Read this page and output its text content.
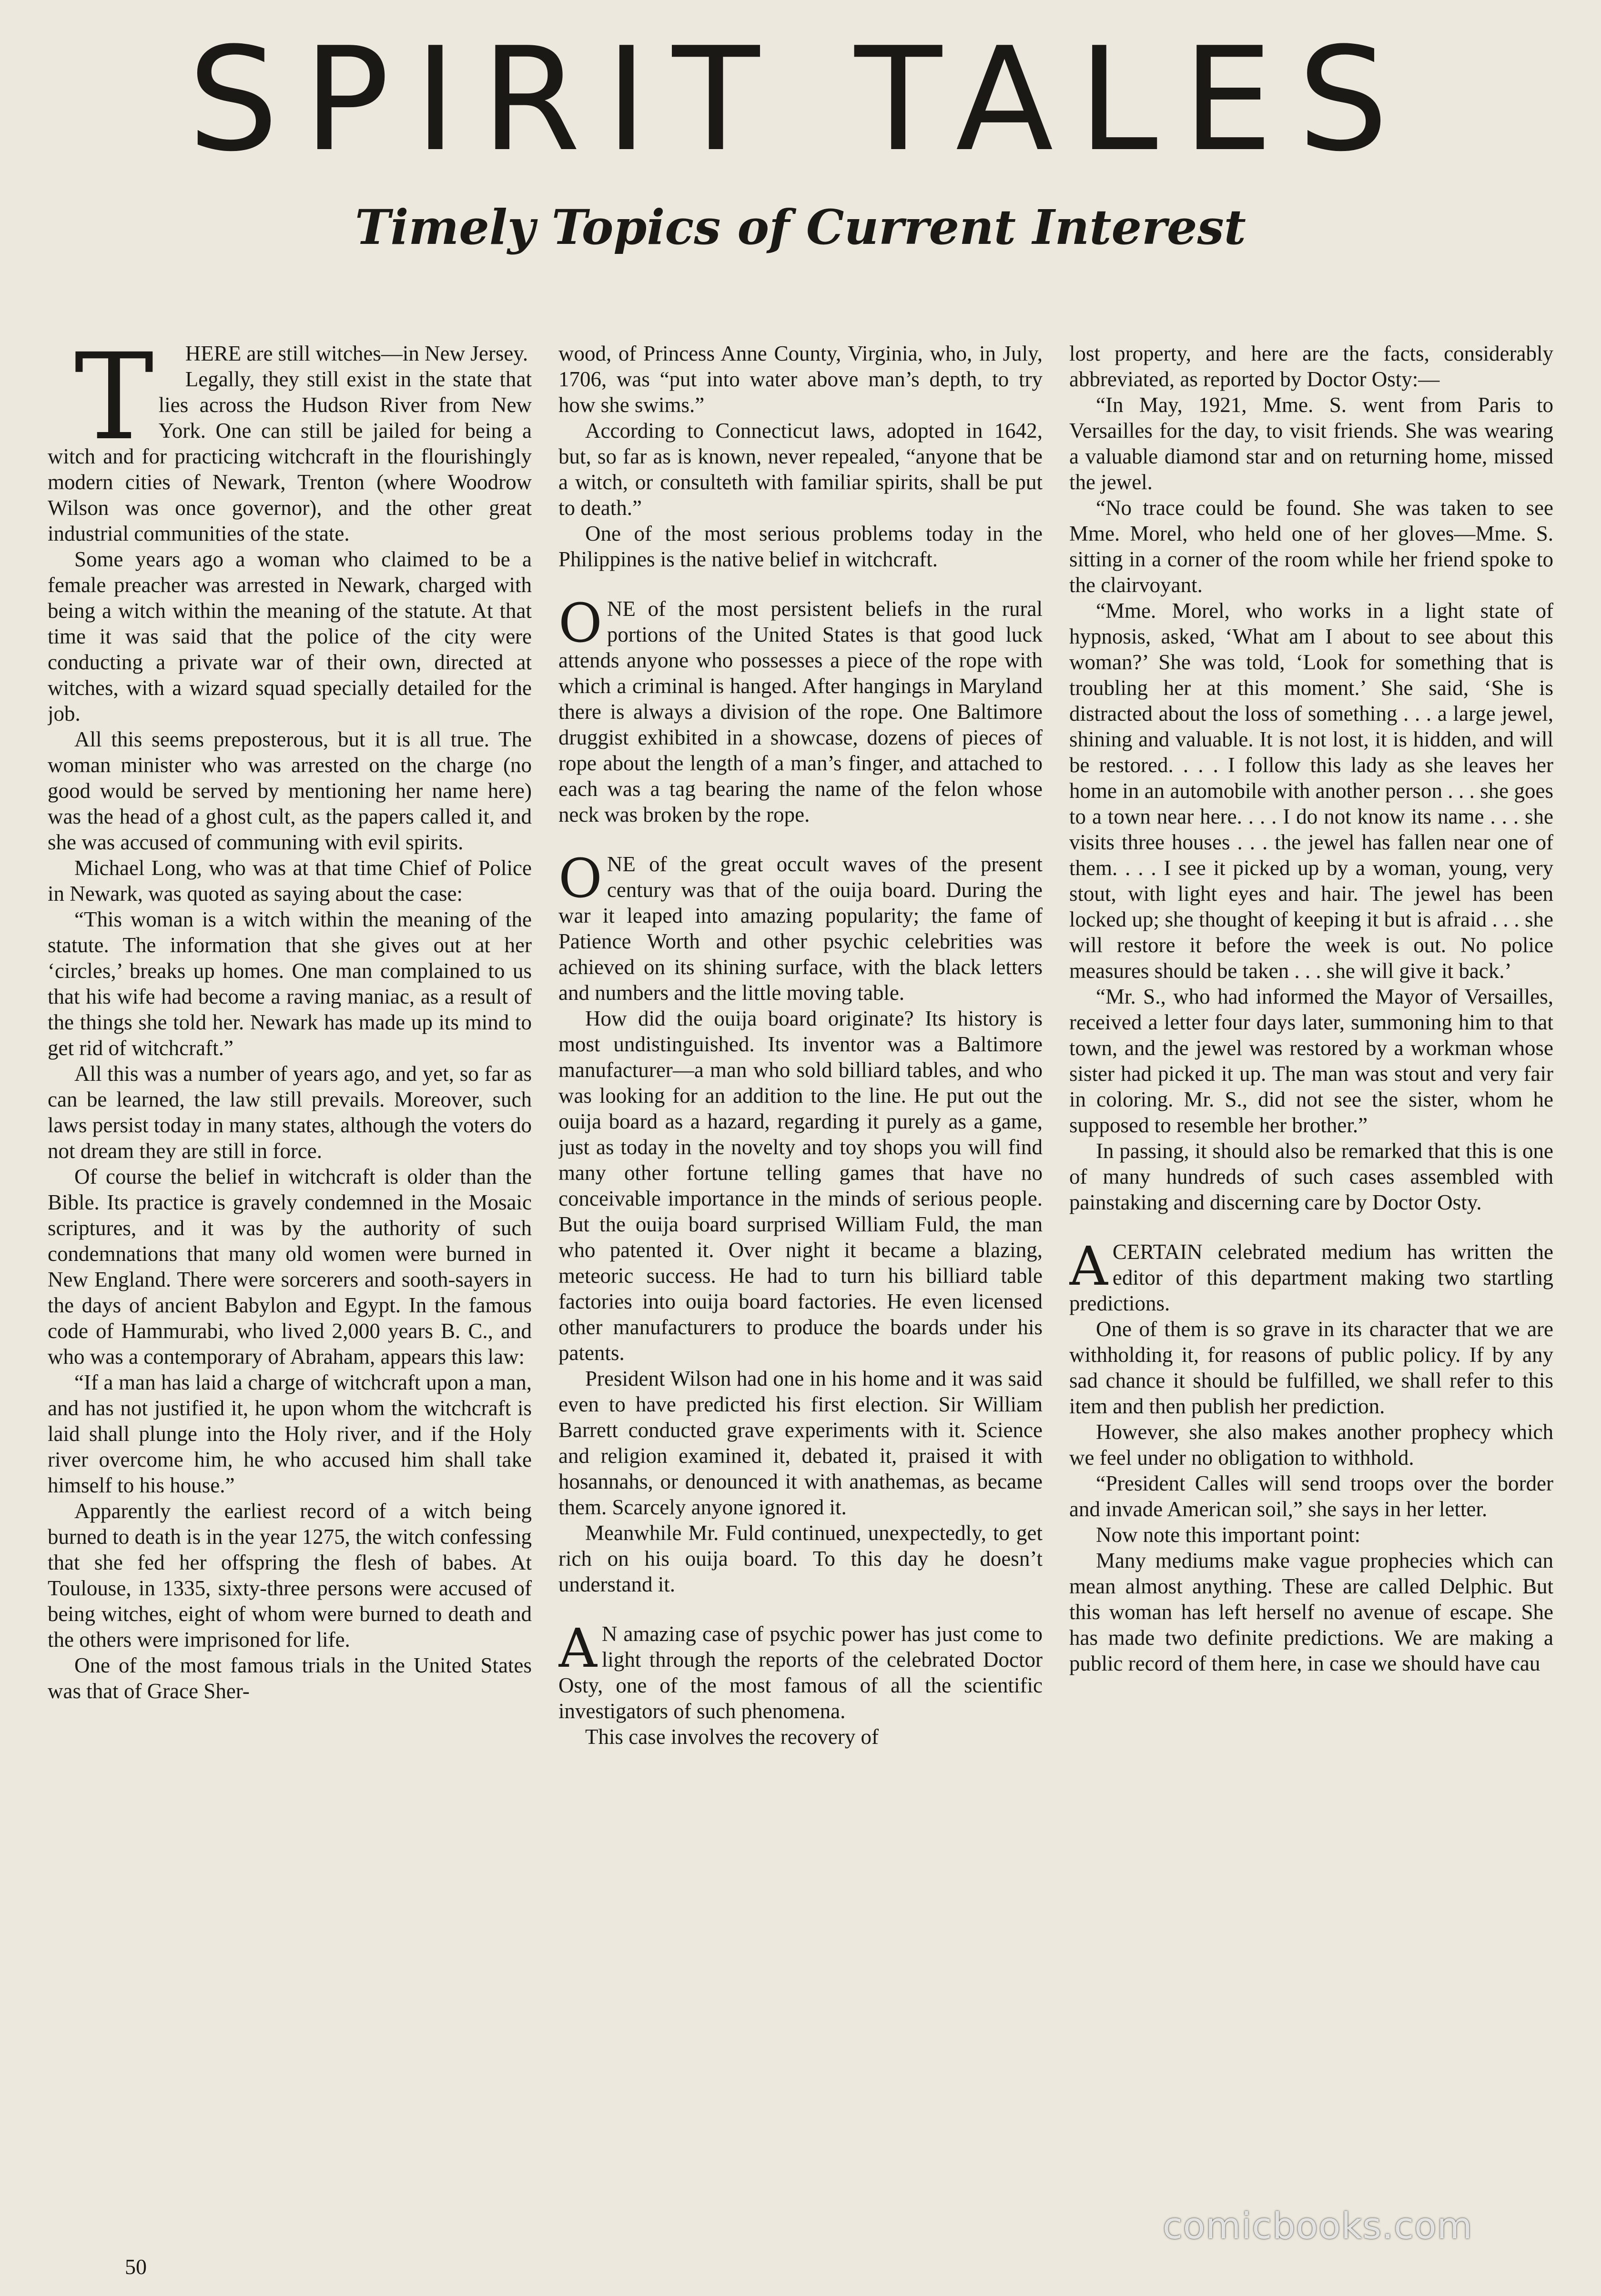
SPIRIT TALES
Timely Topics of Current Interest

T HERE are still witches—in New Jersey.

Legally, they still exist in the state that lies across the Hudson River from New York. One can still be jailed for being a witch and for practicing witchcraft in the flourishingly modern cities of Newark, Trenton (where Woodrow Wilson was once governor), and the other great industrial communities of the state.

Some years ago a woman who claimed to be a female preacher was arrested in Newark, charged with being a witch within the meaning of the statute. At that time it was said that the police of the city were conducting a private war of their own, directed at witches, with a wizard squad specially detailed for the job.

All this seems preposterous, but it is all true. The woman minister who was arrested on the charge (no good would be served by mentioning her name here) was the head of a ghost cult, as the papers called it, and she was accused of communing with evil spirits.

Michael Long, who was at that time Chief of Police in Newark, was quoted as saying about the case:

“This woman is a witch within the meaning of the statute. The information that she gives out at her ‘circles,’ breaks up homes. One man complained to us that his wife had become a raving maniac, as a result of the things she told her. Newark has made up its mind to get rid of witchcraft.”

All this was a number of years ago, and yet, so far as can be learned, the law still prevails. Moreover, such laws persist today in many states, although the voters do not dream they are still in force.

Of course the belief in witchcraft is older than the Bible. Its practice is gravely condemned in the Mosaic scriptures, and it was by the authority of such condemnations that many old women were burned in New England. There were sorcerers and sooth-sayers in the days of ancient Babylon and Egypt. In the famous code of Hammurabi, who lived 2,000 years B. C., and who was a contemporary of Abraham, appears this law:

“If a man has laid a charge of witchcraft upon a man, and has not justified it, he upon whom the witchcraft is laid shall plunge into the Holy river, and if the Holy river overcome him, he who accused him shall take himself to his house.”

Apparently the earliest record of a witch being burned to death is in the year 1275, the witch confessing that she fed her offspring the flesh of babes. At Toulouse, in 1335, sixty-three persons were accused of being witches, eight of whom were burned to death and the others were imprisoned for life.

One of the most famous trials in the United States was that of Grace Sher-

wood, of Princess Anne County, Virginia, who, in July, 1706, was “put into water above man’s depth, to try how she swims.”

According to Connecticut laws, adopted in 1642, but, so far as is known, never repealed, “anyone that be a witch, or consulteth with familiar spirits, shall be put to death.”

One of the most serious problems today in the Philippines is the native belief in witchcraft.

ONE of the most persistent beliefs in the rural portions of the United States is that good luck attends anyone who possesses a piece of the rope with which a criminal is hanged. After hangings in Maryland there is always a division of the rope. One Baltimore druggist exhibited in a showcase, dozens of pieces of rope about the length of a man’s finger, and attached to each was a tag bearing the name of the felon whose neck was broken by the rope.

ONE of the great occult waves of the present century was that of the ouija board. During the war it leaped into amazing popularity; the fame of Patience Worth and other psychic celebrities was achieved on its shining surface, with the black letters and numbers and the little moving table.

How did the ouija board originate? Its history is most undistinguished. Its inventor was a Baltimore manufacturer—a man who sold billiard tables, and who was looking for an addition to the line. He put out the ouija board as a hazard, regarding it purely as a game, just as today in the novelty and toy shops you will find many other fortune telling games that have no conceivable importance in the minds of serious people. But the ouija board surprised William Fuld, the man who patented it. Over night it became a blazing, meteoric success. He had to turn his billiard table factories into ouija board factories. He even licensed other manufacturers to produce the boards under his patents.

President Wilson had one in his home and it was said even to have predicted his first election. Sir William Barrett conducted grave experiments with it. Science and religion examined it, debated it, praised it with hosannahs, or denounced it with anathemas, as became them. Scarcely anyone ignored it.

Meanwhile Mr. Fuld continued, unexpectedly, to get rich on his ouija board. To this day he doesn’t understand it.

A N amazing case of psychic power has just come to light through the reports of the celebrated Doctor Osty, one of the most famous of all the scientific investigators of such phenomena.

This case involves the recovery of

lost property, and here are the facts, considerably abbreviated, as reported by Doctor Osty:—

“In May, 1921, Mme. S. went from Paris to Versailles for the day, to visit friends. She was wearing a valuable diamond star and on returning home, missed the jewel.

“No trace could be found. She was taken to see Mme. Morel, who held one of her gloves—Mme. S. sitting in a corner of the room while her friend spoke to the clairvoyant.

“Mme. Morel, who works in a light state of hypnosis, asked, ‘What am I about to see about this woman?’ She was told, ‘Look for something that is troubling her at this moment.’ She said, ‘She is distracted about the loss of something . . . a large jewel, shining and valuable. It is not lost, it is hidden, and will be restored. . . . I follow this lady as she leaves her home in an automobile with another person . . . she goes to a town near here. . . . I do not know its name . . . she visits three houses . . . the jewel has fallen near one of them. . . . I see it picked up by a woman, young, very stout, with light eyes and hair. The jewel has been locked up; she thought of keeping it but is afraid . . . she will restore it before the week is out. No police measures should be taken . . . she will give it back.’

“Mr. S., who had informed the Mayor of Versailles, received a letter four days later, summoning him to that town, and the jewel was restored by a workman whose sister had picked it up. The man was stout and very fair in coloring. Mr. S., did not see the sister, whom he supposed to resemble her brother.”

In passing, it should also be remarked that this is one of many hundreds of such cases assembled with painstaking and discerning care by Doctor Osty.

ACERTAIN celebrated medium has written the editor of this department making two startling predictions.

One of them is so grave in its character that we are withholding it, for reasons of public policy. If by any sad chance it should be fulfilled, we shall refer to this item and then publish her prediction.

However, she also makes another prophecy which we feel under no obligation to withhold.

“President Calles will send troops over the border and invade American soil,” she says in her letter.

Now note this important point:

Many mediums make vague prophecies which can mean almost anything. These are called Delphic. But this woman has left herself no avenue of escape. She has made two definite predictions. We are making a public record of them here, in case we should have cau

50
comicbooks.com
